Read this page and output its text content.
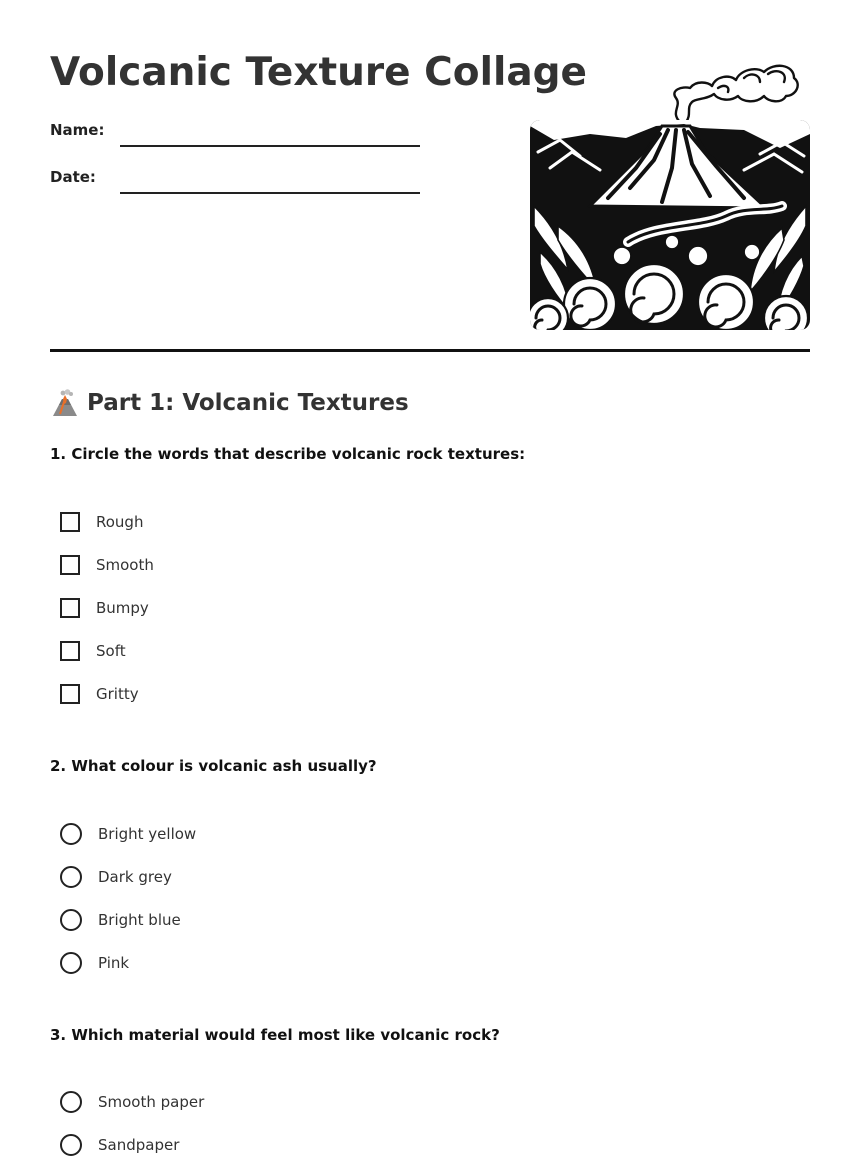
Volcanic Texture Collage
Name:
Date:
Part 1: Volcanic Textures

1. Circle the words that describe volcanic rock textures:

Rough
Smooth
Bumpy
Soft
Gritty

2. What colour is volcanic ash usually?

Bright yellow
Dark grey
Bright blue
Pink

3. Which material would feel most like volcanic rock?

Smooth paper
Sandpaper
